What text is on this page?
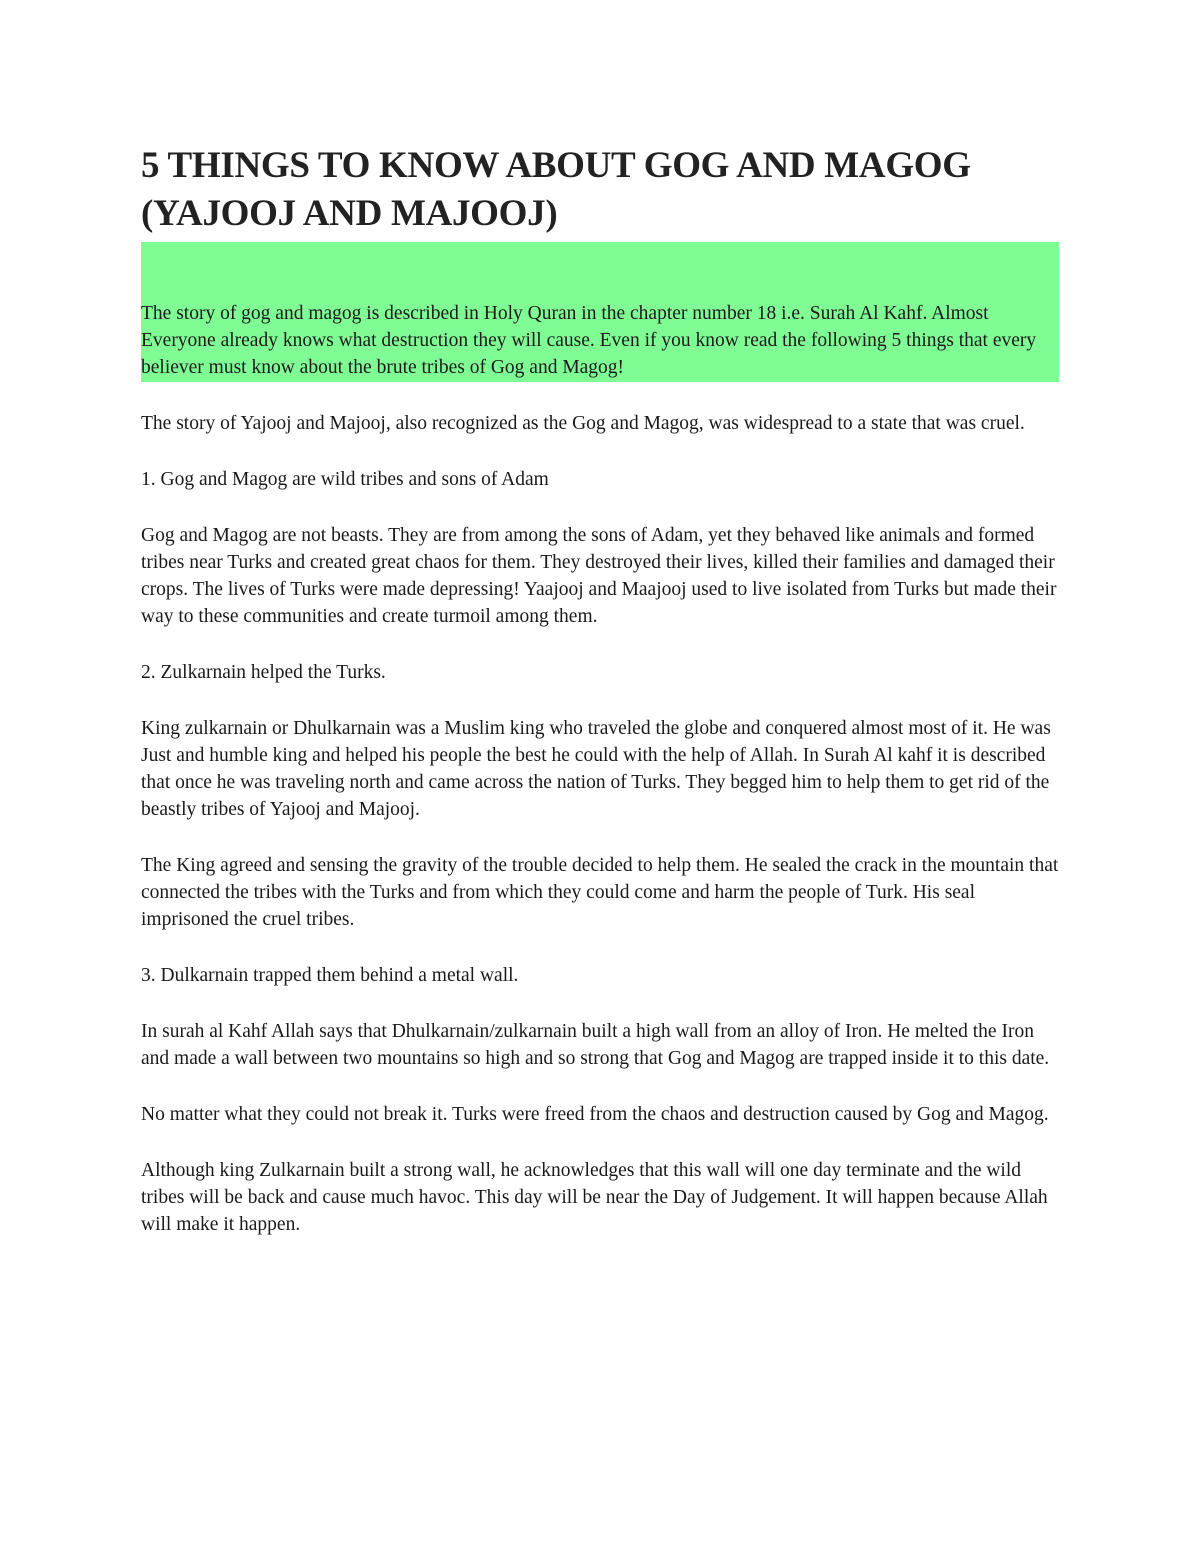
5 THINGS TO KNOW ABOUT GOG AND MAGOG (YAJOOJ AND MAJOOJ)

The story of gog and magog is described in Holy Quran in the chapter number 18 i.e. Surah Al Kahf. Almost Everyone already knows what destruction they will cause. Even if you know read the following 5 things that every believer must know about the brute tribes of Gog and Magog!

The story of Yajooj and Majooj, also recognized as the Gog and Magog, was widespread to a state that was cruel.

1. Gog and Magog are wild tribes and sons of Adam

Gog and Magog are not beasts. They are from among the sons of Adam, yet they behaved like animals and formed tribes near Turks and created great chaos for them. They destroyed their lives, killed their families and damaged their crops. The lives of Turks were made depressing! Yaajooj and Maajooj used to live isolated from Turks but made their way to these communities and create turmoil among them.

2. Zulkarnain helped the Turks.

King zulkarnain or Dhulkarnain was a Muslim king who traveled the globe and conquered almost most of it. He was Just and humble king and helped his people the best he could with the help of Allah. In Surah Al kahf it is described that once he was traveling north and came across the nation of Turks. They begged him to help them to get rid of the beastly tribes of Yajooj and Majooj.

The King agreed and sensing the gravity of the trouble decided to help them. He sealed the crack in the mountain that connected the tribes with the Turks and from which they could come and harm the people of Turk. His seal imprisoned the cruel tribes.

3. Dulkarnain trapped them behind a metal wall.

In surah al Kahf Allah says that Dhulkarnain/zulkarnain built a high wall from an alloy of Iron. He melted the Iron and made a wall between two mountains so high and so strong that Gog and Magog are trapped inside it to this date.

No matter what they could not break it. Turks were freed from the chaos and destruction caused by Gog and Magog.

Although king Zulkarnain built a strong wall, he acknowledges that this wall will one day terminate and the wild tribes will be back and cause much havoc. This day will be near the Day of Judgement. It will happen because Allah will make it happen.
